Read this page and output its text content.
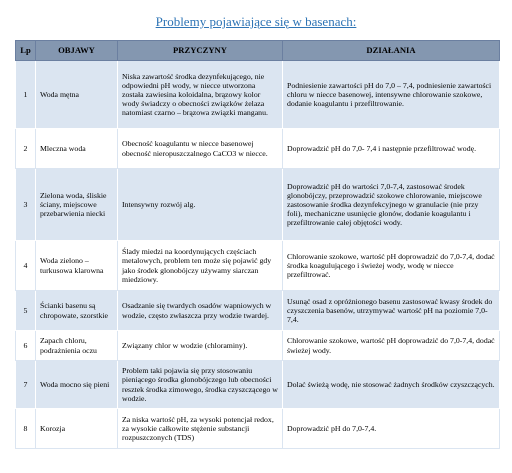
Problemy pojawiające się w basenach:
Lp	OBJAWY	PRZYCZYNY	DZIAŁANIA
1	Woda mętna	Niska zawartość środka dezynfekującego, nie odpowiedni pH wody, w niecce utworzona została zawiesina koloidalna, brązowy kolor wody świadczy o obecności związków żelaza natomiast czarno – brązowa związki manganu.	Podniesienie zawartości pH do 7,0 – 7,4, podniesienie zawartości chloru w niecce basenowej, intensywne chlorowanie szokowe, dodanie koagulantu i przefiltrowanie.
2	Mleczna woda	Obecność koagulantu w niecce basenowej obecność nieropuszczalnego CaCO3 w niecce.	Doprowadzić pH do 7,0- 7,4 i następnie przefiltrować wodę.
3	Zielona woda, śliskie ściany, miejscowe przebarwienia niecki	Intensywny rozwój alg.	Doprowadzić pH do wartości 7,0-7,4, zastosować środek glonobójczy, przeprowadzić szokowe chlorowanie, miejscowe zastosowanie środka dezynfekcyjnego w granulacie (nie przy foli), mechaniczne usunięcie glonów, dodanie koagulantu i przefiltrowanie całej objętości wody.
4	Woda zielono – turkusowa klarowna	Ślady miedzi na koordynujących częściach metalowych, problem ten może się pojawić gdy jako środek glonobójczy używamy siarczan miedziowy.	Chlorowanie szokowe, wartość pH doprowadzić do 7,0-7,4, dodać środka koagulującego i świeżej wody, wodę w niecce przefiltrować.
5	Ścianki basenu są chropowate, szorstkie	Osadzanie się twardych osadów wapniowych w wodzie, często zwłaszcza przy wodzie twardej.	Usunąć osad z opróżnionego basenu zastosować kwasy środek do czyszczenia basenów, utrzymywać wartość pH na poziomie 7,0-7,4.
6	Zapach chloru, podrażnienia oczu	Związany chlor w wodzie (chloraminy).	Chlorowanie szokowe, wartość pH doprowadzić do 7,0-7,4, dodać świeżej wody.
7	Woda mocno się pieni	Problem taki pojawia się przy stosowaniu pieniącego środka glonobójczego lub obecności resztek środka zimowego, środka czyszczącego w wodzie.	Dolać świeżą wodę, nie stosować żadnych środków czyszczących.
8	Korozja	Za niska wartość pH, za wysoki potencjał redox, za wysokie całkowite stężenie substancji rozpuszczonych (TDS)	Doprowadzić pH do 7,0-7,4.
